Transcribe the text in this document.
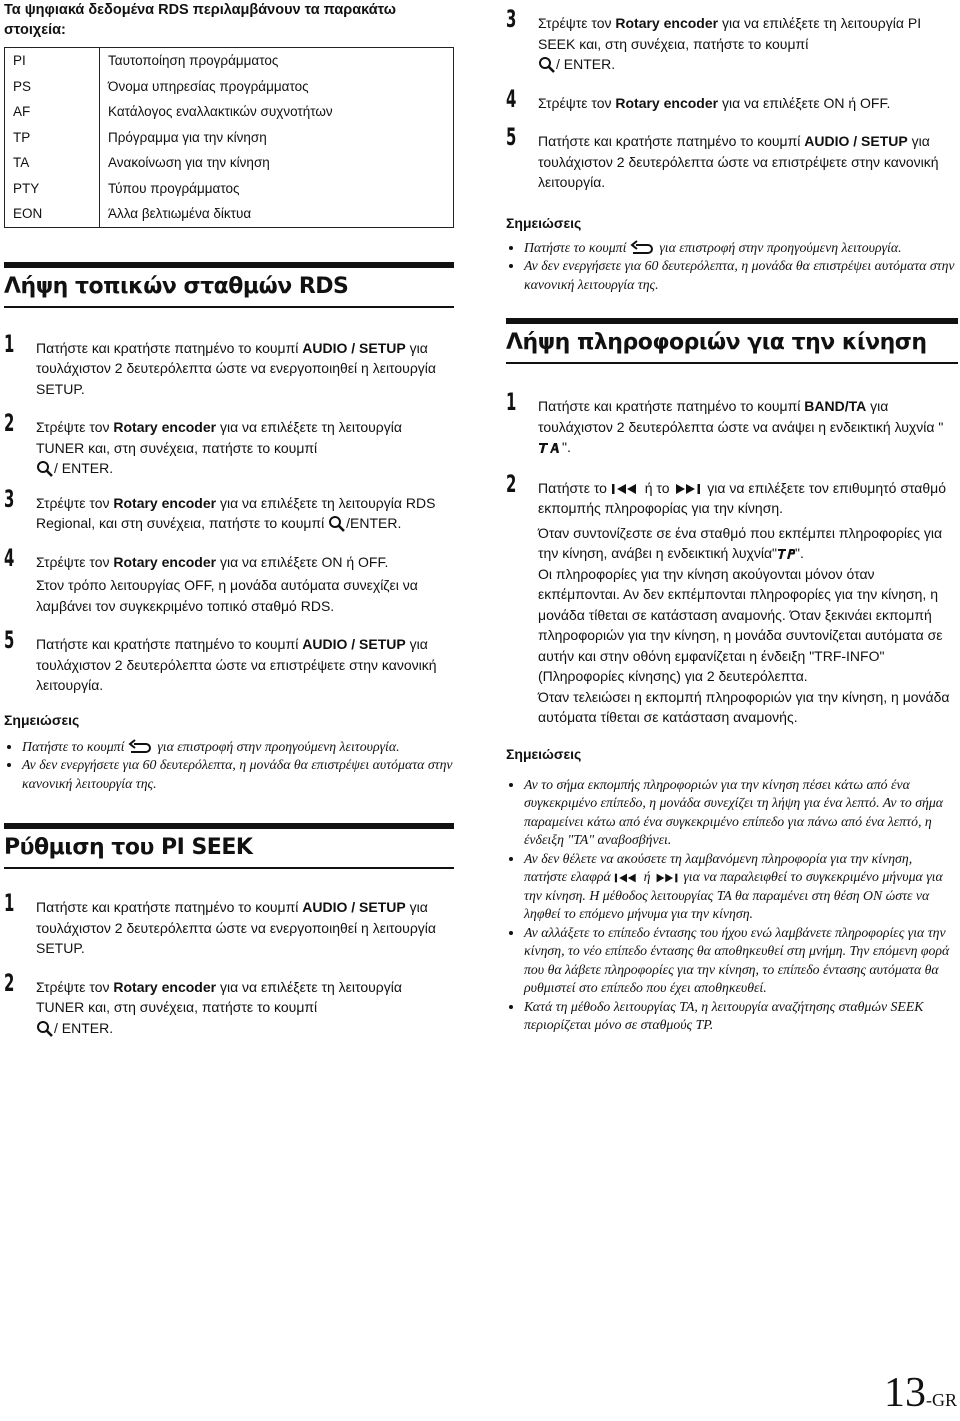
Τα ψηφιακά δεδομένα RDS περιλαμβάνουν τα παρακάτω στοιχεία:

PI	Ταυτοποίηση προγράμματος
PS	Όνομα υπηρεσίας προγράμματος
AF	Κατάλογος εναλλακτικών συχνοτήτων
TP	Πρόγραμμα για την κίνηση
TA	Ανακοίνωση για την κίνηση
PTY	Τύπου προγράμματος
EON	Άλλα βελτιωμένα δίκτυα
Λήψη τοπικών σταθμών RDS
1 Πατήστε και κρατήστε πατημένο το κουμπί AUDIO / SETUP για τουλάχιστον 2 δευτερόλεπτα ώστε να ενεργοποιηθεί η λειτουργία SETUP.
2 Στρέψτε τον Rotary encoder για να επιλέξετε τη λειτουργία TUNER και, στη συνέχεια, πατήστε το κουμπί
/ ENTER.
3 Στρέψτε τον Rotary encoder για να επιλέξετε τη λειτουργία RDS Regional, και στη συνέχεια, πατήστε το κουμπί /ENTER.
4 Στρέψτε τον Rotary encoder για να επιλέξετε ON ή OFF.
Στον τρόπο λειτουργίας OFF, η μονάδα αυτόματα συνεχίζει να λαμβάνει τον συγκεκριμένο τοπικό σταθμό RDS.
5 Πατήστε και κρατήστε πατημένο το κουμπί AUDIO / SETUP για τουλάχιστον 2 δευτερόλεπτα ώστε να επιστρέψετε στην κανονική λειτουργία.

Σημειώσεις

• Πατήστε το κουμπί  για επιστροφή στην προηγούμενη λειτουργία.
• Αν δεν ενεργήσετε για 60 δευτερόλεπτα, η μονάδα θα επιστρέψει αυτόματα στην κανονική λειτουργία της.
Ρύθμιση του PI SEEK
1 Πατήστε και κρατήστε πατημένο το κουμπί AUDIO / SETUP για τουλάχιστον 2 δευτερόλεπτα ώστε να ενεργοποιηθεί η λειτουργία SETUP.
2 Στρέψτε τον Rotary encoder για να επιλέξετε τη λειτουργία TUNER και, στη συνέχεια, πατήστε το κουμπί
/ ENTER.
3 Στρέψτε τον Rotary encoder για να επιλέξετε τη λειτουργία PI SEEK και, στη συνέχεια, πατήστε το κουμπί
/ ENTER.
4 Στρέψτε τον Rotary encoder για να επιλέξετε ON ή OFF.
5 Πατήστε και κρατήστε πατημένο το κουμπί AUDIO / SETUP για τουλάχιστον 2 δευτερόλεπτα ώστε να επιστρέψετε στην κανονική λειτουργία.

Σημειώσεις

• Πατήστε το κουμπί  για επιστροφή στην προηγούμενη λειτουργία.
• Αν δεν ενεργήσετε για 60 δευτερόλεπτα, η μονάδα θα επιστρέψει αυτόματα στην κανονική λειτουργία της.
Λήψη πληροφοριών για την κίνηση
1 Πατήστε και κρατήστε πατημένο το κουμπί BAND/TA για τουλάχιστον 2 δευτερόλεπτα ώστε να ανάψει η ενδεικτική λυχνία "".
2 Πατήστε το  ή το  για να επιλέξετε τον επιθυμητό σταθμό εκπομπής πληροφορίας για την κίνηση.
Όταν συντονίζεστε σε ένα σταθμό που εκπέμπει πληροφορίες για την κίνηση, ανάβει η ενδεικτική λυχνία" ".
Οι πληροφορίες για την κίνηση ακούγονται μόνον όταν εκπέμπονται. Αν δεν εκπέμπονται πληροφορίες για την κίνηση, η μονάδα τίθεται σε κατάσταση αναμονής. Όταν ξεκινάει εκπομπή πληροφοριών για την κίνηση, η μονάδα συντονίζεται αυτόματα σε αυτήν και στην οθόνη εμφανίζεται η ένδειξη "TRF-INFO" (Πληροφορίες κίνησης) για 2 δευτερόλεπτα.
Όταν τελειώσει η εκπομπή πληροφοριών για την κίνηση, η μονάδα αυτόματα τίθεται σε κατάσταση αναμονής.

Σημειώσεις

• Αν το σήμα εκπομπής πληροφοριών για την κίνηση πέσει κάτω από ένα συγκεκριμένο επίπεδο, η μονάδα συνεχίζει τη λήψη για ένα λεπτό. Αν το σήμα παραμείνει κάτω από ένα συγκεκριμένο επίπεδο για πάνω από ένα λεπτό, η ένδειξη "TA" αναβοσβήνει.
• Αν δεν θέλετε να ακούσετε τη λαμβανόμενη πληροφορία για την κίνηση, πατήστε ελαφρά  ή  για να παραλειφθεί το συγκεκριμένο μήνυμα για την κίνηση. Η μέθοδος λειτουργίας TA θα παραμένει στη θέση ON ώστε να ληφθεί το επόμενο μήνυμα για την κίνηση.
• Αν αλλάξετε το επίπεδο έντασης του ήχου ενώ λαμβάνετε πληροφορίες για την κίνηση, το νέο επίπεδο έντασης θα αποθηκευθεί στη μνήμη. Την επόμενη φορά που θα λάβετε πληροφορίες για την κίνηση, το επίπεδο έντασης αυτόματα θα ρυθμιστεί στο επίπεδο που έχει αποθηκευθεί.
• Κατά τη μέθοδο λειτουργίας TA, η λειτουργία αναζήτησης σταθμών SEEK περιορίζεται μόνο σε σταθμούς TP.
13-GR
